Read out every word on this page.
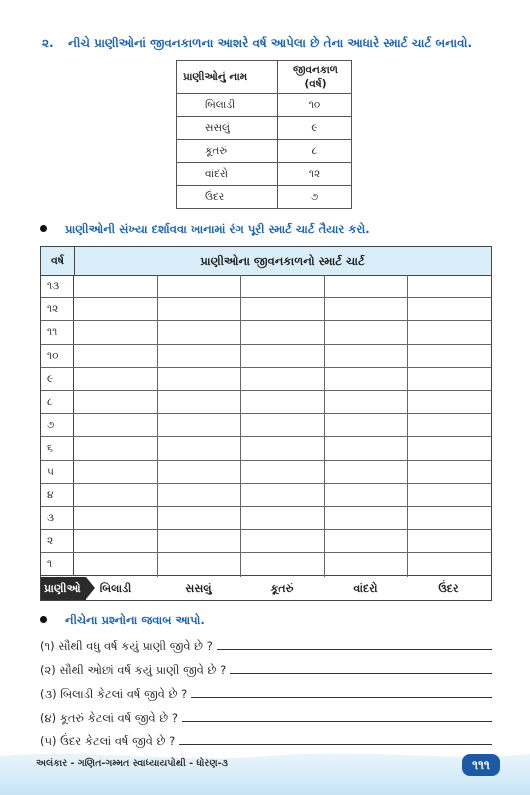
૨. નીચે પ્રાણીઓનાં જીવનકાળના આશરે વર્ષ આપેલા છે તેના આધારે સ્માર્ટ ચાર્ટ બનાવો.
પ્રાણીઓનું નામ	જીવનકાળ
(વર્ષ)

બિલાડી	૧૦
સસલું	૯
કૂતરું	૮
વાંદરો	૧૨
ઉંદર	૭
પ્રાણીઓની સંખ્યા દર્શાવવા ખાનામાં રંગ પૂરી સ્માર્ટ ચાર્ટ તૈયાર કરો.
વર્ષ	પ્રાણીઓના જીવનકાળનો સ્માર્ટ ચાર્ટ
૧૩
૧૨
૧૧
૧૦
૯
૮
૭
૬
૫
૪
૩
૨
૧
પ્રાણીઓ	બિલાડી	સસલું	કૂતરું	વાંદરો	ઉંદર
નીચેના પ્રશ્નોના જવાબ આપો.
(૧) સૌથી વધુ વર્ષ કયું પ્રાણી જીવે છે ?
(૨) સૌથી ઓછાં વર્ષ કયું પ્રાણી જીવે છે ?
(૩) બિલાડી કેટલાં વર્ષ જીવે છે ?
(૪) કૂતરું કેટલાં વર્ષ જીવે છે ?
(૫) ઉંદર કેટલાં વર્ષ જીવે છે ?
અલંકાર - ગણિત-ગમ્મત સ્વાધ્યાયપોથી - ધોરણ-૩	૧૧૧
